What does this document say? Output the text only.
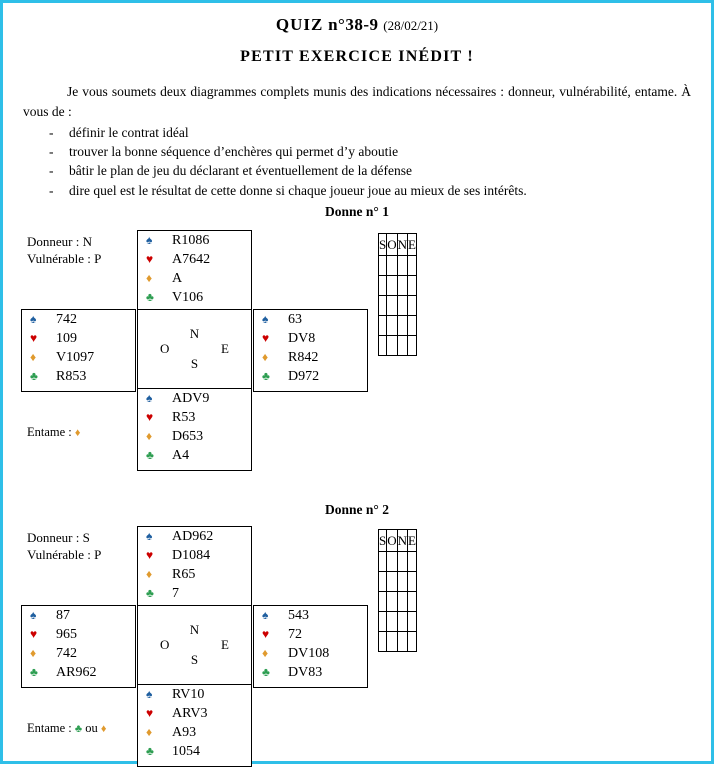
QUIZ n°38-9 (28/02/21)
PETIT EXERCICE INÉDIT !

Je vous soumets deux diagrammes complets munis des indications nécessaires : donneur, vulnérabilité, entame. À vous de :

- définir le contrat idéal
- trouver la bonne séquence d’enchères qui permet d’y aboutie
- bâtir le plan de jeu du déclarant et éventuellement de la défense
- dire quel est le résultat de cette donne si chaque joueur joue au mieux de ses intérêts.
Donne n° 1
Donneur : N
Vulnérable : P
♠	R1086
♥	A7642
♦	A
♣	V106
♠	742
♥	109
♦	V1097
♣	R853
N
O	E
S
♠	63
♥	DV8
♦	R842
♣	D972
♠	ADV9
♥	R53
♦	D653
♣	A4
Entame : ♦
S	O	N	E

Donne n° 2
Donneur : S
Vulnérable : P
♠	AD962
♥	D1084
♦	R65
♣	7
♠	87
♥	965
♦	742
♣	AR962
N
O	E
S
♠	543
♥	72
♦	DV108
♣	DV83
♠	RV10
♥	ARV3
♦	A93
♣	1054
Entame : ♣ ou ♦
S	O	N	E
